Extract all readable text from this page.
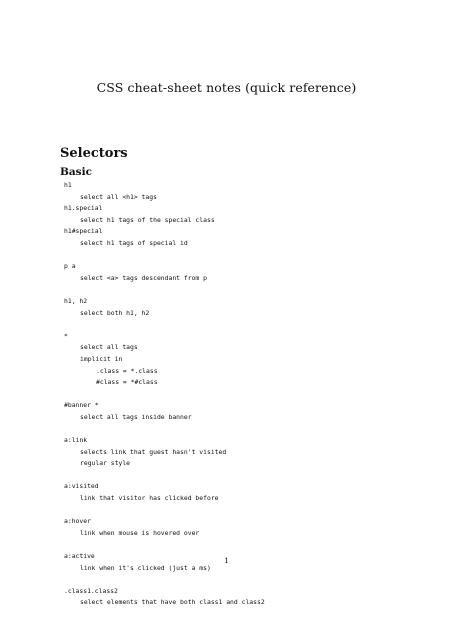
CSS cheat-sheet notes (quick reference)
Selectors
Basic
h1
select all <h1> tags
h1.special
select h1 tags of the special class
h1#special
select h1 tags of special id
p a
select <a> tags descendant from p
h1, h2
select both h1, h2
*
select all tags
implicit in
.class = *.class
#class = *#class
#banner *
select all tags inside banner
a:link
selects link that guest hasn't visited
regular style
a:visited
link that visitor has clicked before
a:hover
link when mouse is hovered over
a:active
link when it's clicked (just a ms)
.class1.class2
select elements that have both class1 and class2
1
